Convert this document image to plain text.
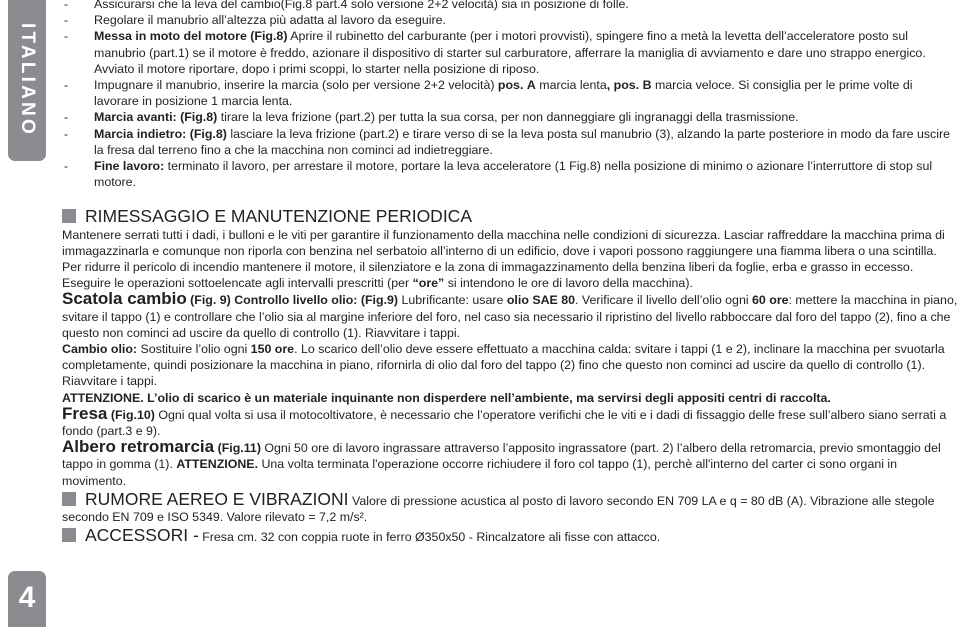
ITALIANO
4

- Assicurarsi che la leva del cambio(Fig.8 part.4 solo versione 2+2 velocità) sia in posizione di folle.

- Regolare il manubrio all’altezza più adatta al lavoro da eseguire.

- Messa in moto del motore (Fig.8) Aprire il rubinetto del carburante (per i motori provvisti), spingere fino a metà la levetta dell’acceleratore posto sul manubrio (part.1) se il motore è freddo, azionare il dispositivo di starter sul carburatore, afferrare la maniglia di avviamento e dare uno strappo energico. Avviato il motore riportare, dopo i primi scoppi, lo starter nella posizione di riposo.

- Impugnare il manubrio, inserire la marcia (solo per versione 2+2 velocità) pos. A marcia lenta, pos. B marcia veloce. Si consiglia per le prime volte di lavorare in posizione 1 marcia lenta.

- Marcia avanti: (Fig.8) tirare la leva frizione (part.2) per tutta la sua corsa, per non danneggiare gli ingranaggi della trasmissione.

- Marcia indietro: (Fig.8) lasciare la leva frizione (part.2) e tirare verso di se la leva posta sul manubrio (3), alzando la parte posteriore in modo da fare uscire la fresa dal terreno fino a che la macchina non cominci ad indietreggiare.

- Fine lavoro: terminato il lavoro, per arrestare il motore, portare la leva acceleratore (1 Fig.8) nella posizione di minimo o azionare l’interruttore di stop sul motore.

RIMESSAGGIO E MANUTENZIONE PERIODICA

Mantenere serrati tutti i dadi, i bulloni e le viti per garantire il funzionamento della macchina nelle condizioni di sicurezza. Lasciar raffreddare la macchina prima di immagazzinarla e comunque non riporla con benzina nel serbatoio all’interno di un edificio, dove i vapori possono raggiungere una fiamma libera o una scintilla. Per ridurre il pericolo di incendio mantenere il motore, il silenziatore e la zona di immagazzinamento della benzina liberi da foglie, erba e grasso in eccesso.

Eseguire le operazioni sottoelencate agli intervalli prescritti (per “ore” si intendono le ore di lavoro della macchina).

Scatola cambio (Fig. 9) Controllo livello olio: (Fig.9) Lubrificante: usare olio SAE 80. Verificare il livello dell’olio ogni 60 ore: mettere la macchina in piano, svitare il tappo (1) e controllare che l’olio sia al margine inferiore del foro, nel caso sia necessario il ripristino del livello rabboccare dal foro del tappo (2), fino a che questo non cominci ad uscire da quello di controllo (1). Riavvitare i tappi.

Cambio olio: Sostituire l’olio ogni 150 ore. Lo scarico dell’olio deve essere effettuato a macchina calda: svitare i tappi (1 e 2), inclinare la macchina per svuotarla completamente, quindi posizionare la macchina in piano, rifornirla di olio dal foro del tappo (2) fino che questo non cominci ad uscire da quello di controllo (1). Riavvitare i tappi.

ATTENZIONE. L’olio di scarico è un materiale inquinante non disperdere nell’ambiente, ma servirsi degli appositi centri di raccolta.

Fresa (Fig.10) Ogni qual volta si usa il motocoltivatore, è necessario che l’operatore verifichi che le viti e i dadi di fissaggio delle frese sull’albero siano serrati a fondo (part.3 e 9).

Albero retromarcia (Fig.11) Ogni 50 ore di lavoro ingrassare attraverso l’apposito ingrassatore (part. 2) l’albero della retromarcia, previo smontaggio del tappo in gomma (1). ATTENZIONE. Una volta terminata l'operazione occorre richiudere il foro col tappo (1), perchè all'interno del carter ci sono organi in movimento.

RUMORE AEREO E VIBRAZIONI Valore di pressione acustica al posto di lavoro secondo EN 709 LA e q = 80 dB (A). Vibrazione alle stegole secondo EN 709 e ISO 5349. Valore rilevato = 7,2 m/s².

ACCESSORI - Fresa cm. 32 con coppia ruote in ferro Ø350x50 - Rincalzatore ali fisse con attacco.
